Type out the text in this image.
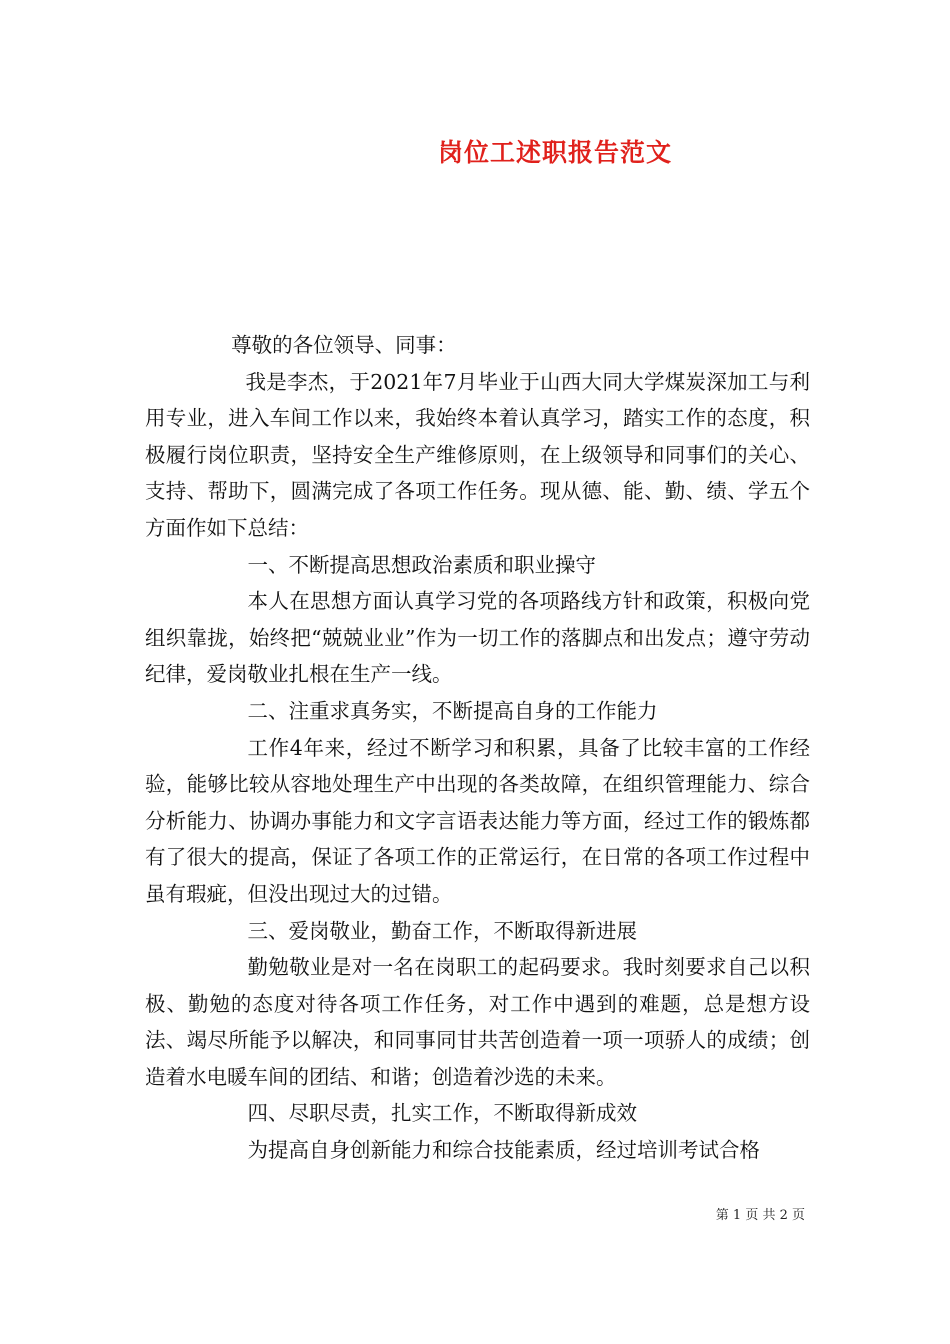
岗位工述职报告范文

尊敬的各位领导、同事：

我是李杰，于2021年7月毕业于山西大同大学煤炭深加工与利用专业，进入车间工作以来，我始终本着认真学习，踏实工作的态度，积极履行岗位职责，坚持安全生产维修原则，在上级领导和同事们的关心、支持、帮助下，圆满完成了各项工作任务。现从德、能、勤、绩、学五个方面作如下总结：

一、不断提高思想政治素质和职业操守

本人在思想方面认真学习党的各项路线方针和政策，积极向党组织靠拢，始终把“兢兢业业”作为一切工作的落脚点和出发点；遵守劳动纪律，爱岗敬业扎根在生产一线。

二、注重求真务实，不断提高自身的工作能力

工作4年来，经过不断学习和积累，具备了比较丰富的工作经验，能够比较从容地处理生产中出现的各类故障，在组织管理能力、综合分析能力、协调办事能力和文字言语表达能力等方面，经过工作的锻炼都有了很大的提高，保证了各项工作的正常运行，在日常的各项工作过程中虽有瑕疵，但没出现过大的过错。

三、爱岗敬业，勤奋工作，不断取得新进展

勤勉敬业是对一名在岗职工的起码要求。我时刻要求自己以积极、勤勉的态度对待各项工作任务，对工作中遇到的难题，总是想方设法、竭尽所能予以解决，和同事同甘共苦创造着一项一项骄人的成绩；创造着水电暖车间的团结、和谐；创造着沙选的未来。

四、尽职尽责，扎实工作，不断取得新成效

为提高自身创新能力和综合技能素质，经过培训考试合格

第 1 页 共 2 页
